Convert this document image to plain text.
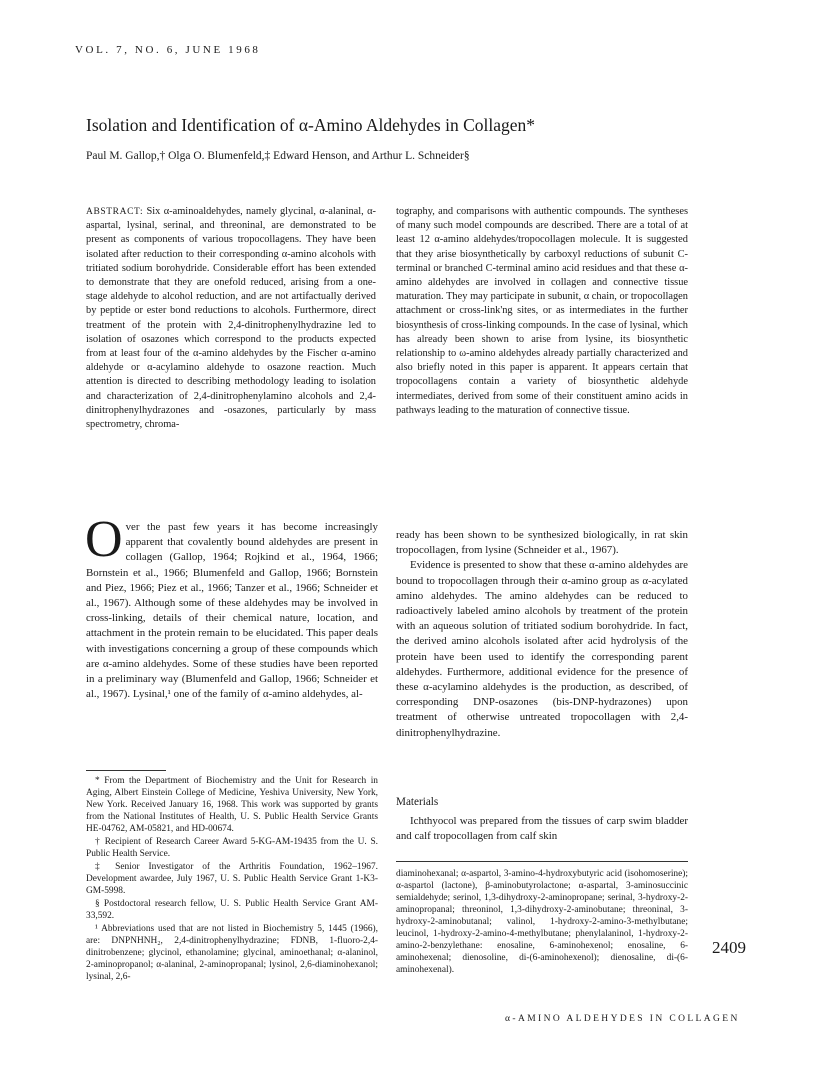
VOL. 7, NO. 6, JUNE 1968
Isolation and Identification of α-Amino Aldehydes in Collagen*
Paul M. Gallop,† Olga O. Blumenfeld,‡ Edward Henson, and Arthur L. Schneider§

ABSTRACT: Six α-aminoaldehydes, namely glycinal, α-alaninal, α-aspartal, lysinal, serinal, and threoninal, are demonstrated to be present as components of various tropocollagens. They have been isolated after reduction to their corresponding α-amino alcohols with tritiated sodium borohydride. Considerable effort has been extended to demonstrate that they are onefold reduced, arising from a one-stage aldehyde to alcohol reduction, and are not artifactually derived by peptide or ester bond reductions to alcohols. Furthermore, direct treatment of the protein with 2,4-dinitrophenylhydrazine led to isolation of osazones which correspond to the products expected from at least four of the α-amino aldehydes by the Fischer α-amino aldehyde or α-acylamino aldehyde to osazone reaction. Much attention is directed to describing methodology leading to isolation and characterization of 2,4-dinitrophenylamino alcohols and 2,4-dinitrophenylhydrazones and -osazones, particularly by mass spectrometry, chroma-

tography, and comparisons with authentic compounds. The syntheses of many such model compounds are described. There are a total of at least 12 α-amino aldehydes/tropocollagen molecule. It is suggested that they arise biosynthetically by carboxyl reductions of subunit C-terminal or branched C-terminal amino acid residues and that these α-amino aldehydes are involved in collagen and connective tissue maturation. They may participate in subunit, α chain, or tropocollagen attachment or cross-link'ng sites, or as intermediates in the further biosynthesis of cross-linking compounds. In the case of lysinal, which has already been shown to arise from lysine, its biosynthetic relationship to ω-amino aldehydes already partially characterized and also briefly noted in this paper is apparent. It appears certain that tropocollagens contain a variety of biosynthetic aldehyde intermediates, derived from some of their constituent amino acids in pathways leading to the maturation of connective tissue.

O ver the past few years it has become increasingly apparent that covalently bound aldehydes are present in collagen (Gallop, 1964; Rojkind et al., 1964, 1966; Bornstein et al., 1966; Blumenfeld and Gallop, 1966; Bornstein and Piez, 1966; Piez et al., 1966; Tanzer et al., 1966; Schneider et al., 1967). Although some of these aldehydes may be involved in cross-linking, details of their chemical nature, location, and attachment in the protein remain to be elucidated. This paper deals with investigations concerning a group of these compounds which are α-amino aldehydes. Some of these studies have been reported in a preliminary way (Blumenfeld and Gallop, 1966; Schneider et al., 1967). Lysinal,¹ one of the family of α-amino aldehydes, al-

ready has been shown to be synthesized biologically, in rat skin tropocollagen, from lysine (Schneider et al., 1967).

Evidence is presented to show that these α-amino aldehydes are bound to tropocollagen through their α-amino group as α-acylated amino aldehydes. The amino aldehydes can be reduced to radioactively labeled amino alcohols by treatment of the protein with an aqueous solution of tritiated sodium borohydride. In fact, the derived amino alcohols isolated after acid hydrolysis of the protein have been used to identify the corresponding parent aldehydes. Furthermore, additional evidence for the presence of these α-acylamino aldehydes is the production, as described, of corresponding DNP-osazones (bis-DNP-hydrazones) upon treatment of otherwise untreated tropocollagen with 2,4-dinitrophenylhydrazine.

* From the Department of Biochemistry and the Unit for Research in Aging, Albert Einstein College of Medicine, Yeshiva University, New York, New York. Received January 16, 1968. This work was supported by grants from the National Institutes of Health, U. S. Public Health Service Grants HE-04762, AM-05821, and HD-00674.

† Recipient of Research Career Award 5-KG-AM-19435 from the U. S. Public Health Service.

‡ Senior Investigator of the Arthritis Foundation, 1962–1967. Development awardee, July 1967, U. S. Public Health Service Grant 1-K3-GM-5998.

§ Postdoctoral research fellow, U. S. Public Health Service Grant AM-33,592.

¹ Abbreviations used that are not listed in Biochemistry 5, 1445 (1966), are: DNPNHNH₂, 2,4-dinitrophenylhydrazine; FDNB, 1-fluoro-2,4-dinitrobenzene; glycinol, ethanolamine; glycinal, aminoethanal; α-alaninol, 2-aminopropanol; α-alaninal, 2-aminopropanal; lysinol, 2,6-diaminohexanol; lysinal, 2,6-

Materials

Ichthyocol was prepared from the tissues of carp swim bladder and calf tropocollagen from calf skin

diaminohexanal; α-aspartol, 3-amino-4-hydroxybutyric acid (isohomoserine); α-aspartol (lactone), β-aminobutyrolactone; α-aspartal, 3-aminosuccinic semialdehyde; serinol, 1,3-dihydroxy-2-aminopropane; serinal, 3-hydroxy-2-aminopropanal; threoninol, 1,3-dihydroxy-2-aminobutane; threoninal, 3-hydroxy-2-aminobutanal; valinol, 1-hydroxy-2-amino-3-methylbutane; leucinol, 1-hydroxy-2-amino-4-methylbutane; phenylalaninol, 1-hydroxy-2-amino-2-benzylethane: enosaline, 6-aminohexenol; enosaline, 6-aminohexenal; dienosoline, di-(6-aminohexenol); dienosaline, di-(6-aminohexenal).

2409
α-AMINO ALDEHYDES IN COLLAGEN
